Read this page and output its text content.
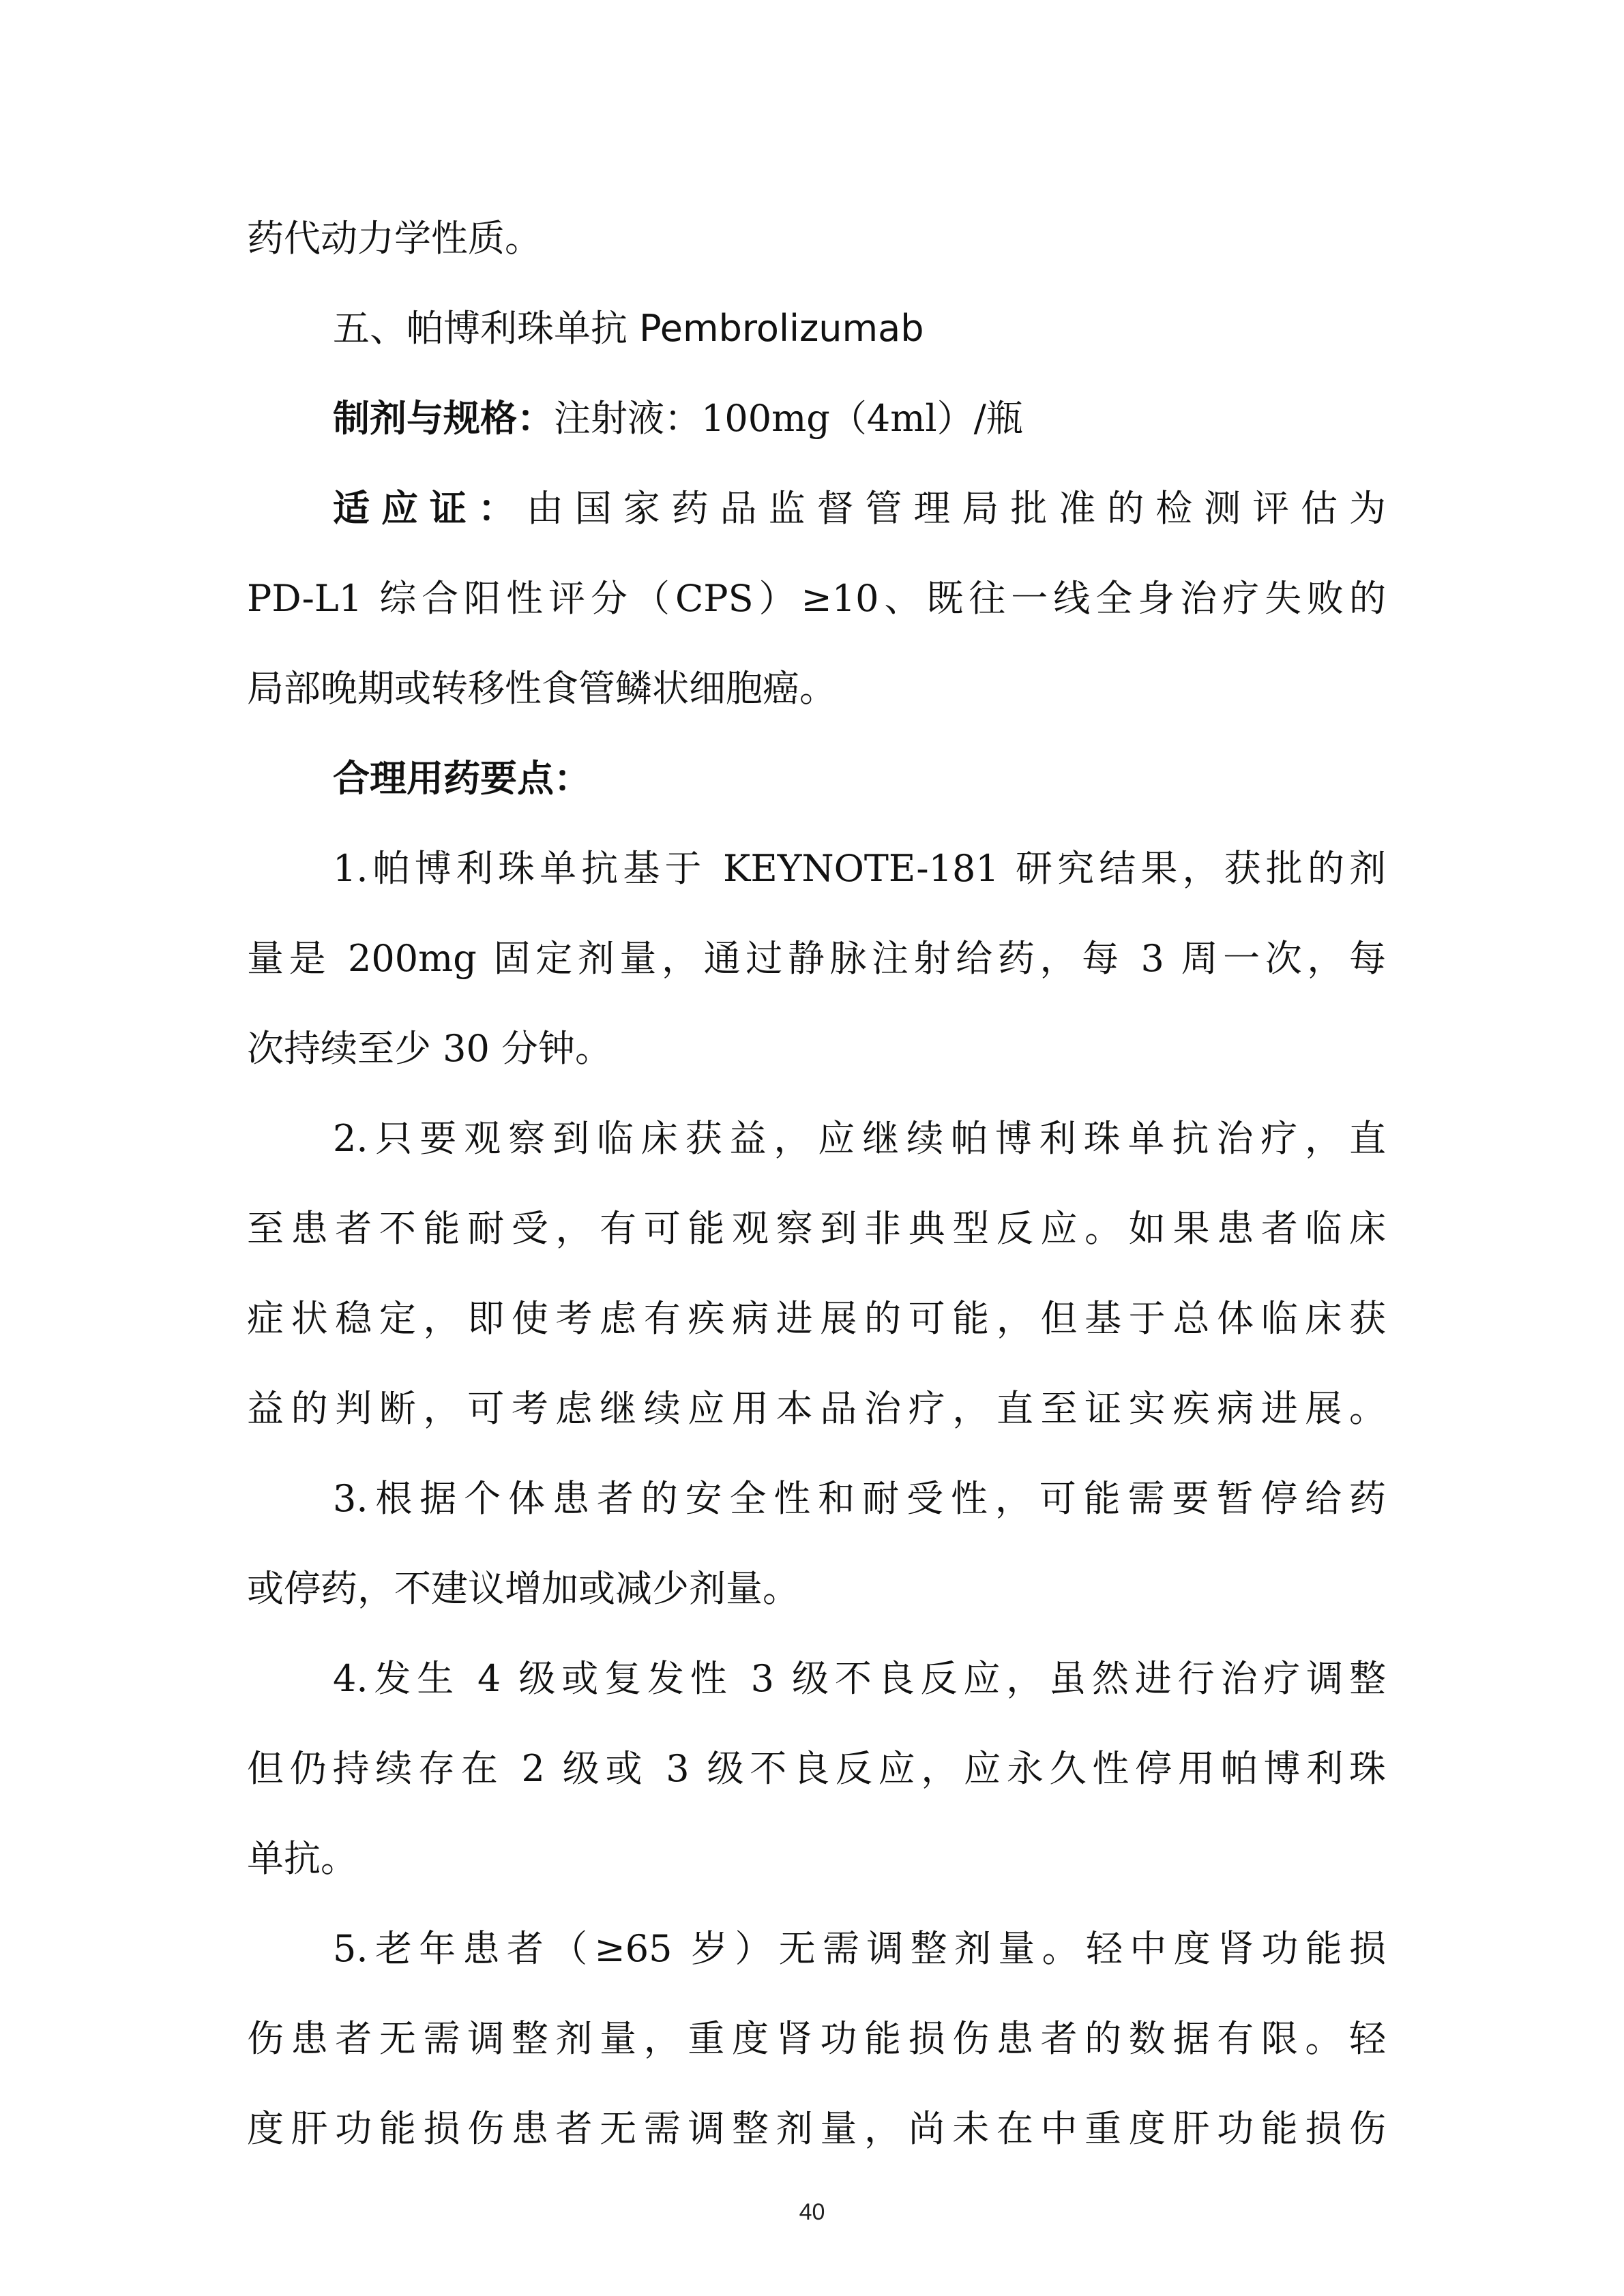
药代动力学性质。
五、帕博利珠单抗 Pembrolizumab
制剂与规格：注射液：100mg（4ml）/瓶
适应证：由国家药品监督管理局批准的检测评估为
PD-L1 综合阳性评分（CPS）≥10、既往一线全身治疗失败的
局部晚期或转移性食管鳞状细胞癌。
合理用药要点：
1.帕博利珠单抗基于 KEYNOTE-181 研究结果，获批的剂
量是 200mg 固定剂量，通过静脉注射给药，每 3 周一次，每
次持续至少 30 分钟。
2.只要观察到临床获益，应继续帕博利珠单抗治疗，直
至患者不能耐受，有可能观察到非典型反应。如果患者临床
症状稳定，即使考虑有疾病进展的可能，但基于总体临床获
益的判断，可考虑继续应用本品治疗，直至证实疾病进展。
3.根据个体患者的安全性和耐受性，可能需要暂停给药
或停药，不建议增加或减少剂量。
4.发生 4 级或复发性 3 级不良反应，虽然进行治疗调整
但仍持续存在 2 级或 3 级不良反应，应永久性停用帕博利珠
单抗。
5.老年患者（≥65 岁）无需调整剂量。轻中度肾功能损
伤患者无需调整剂量，重度肾功能损伤患者的数据有限。轻
度肝功能损伤患者无需调整剂量，尚未在中重度肝功能损伤
40
